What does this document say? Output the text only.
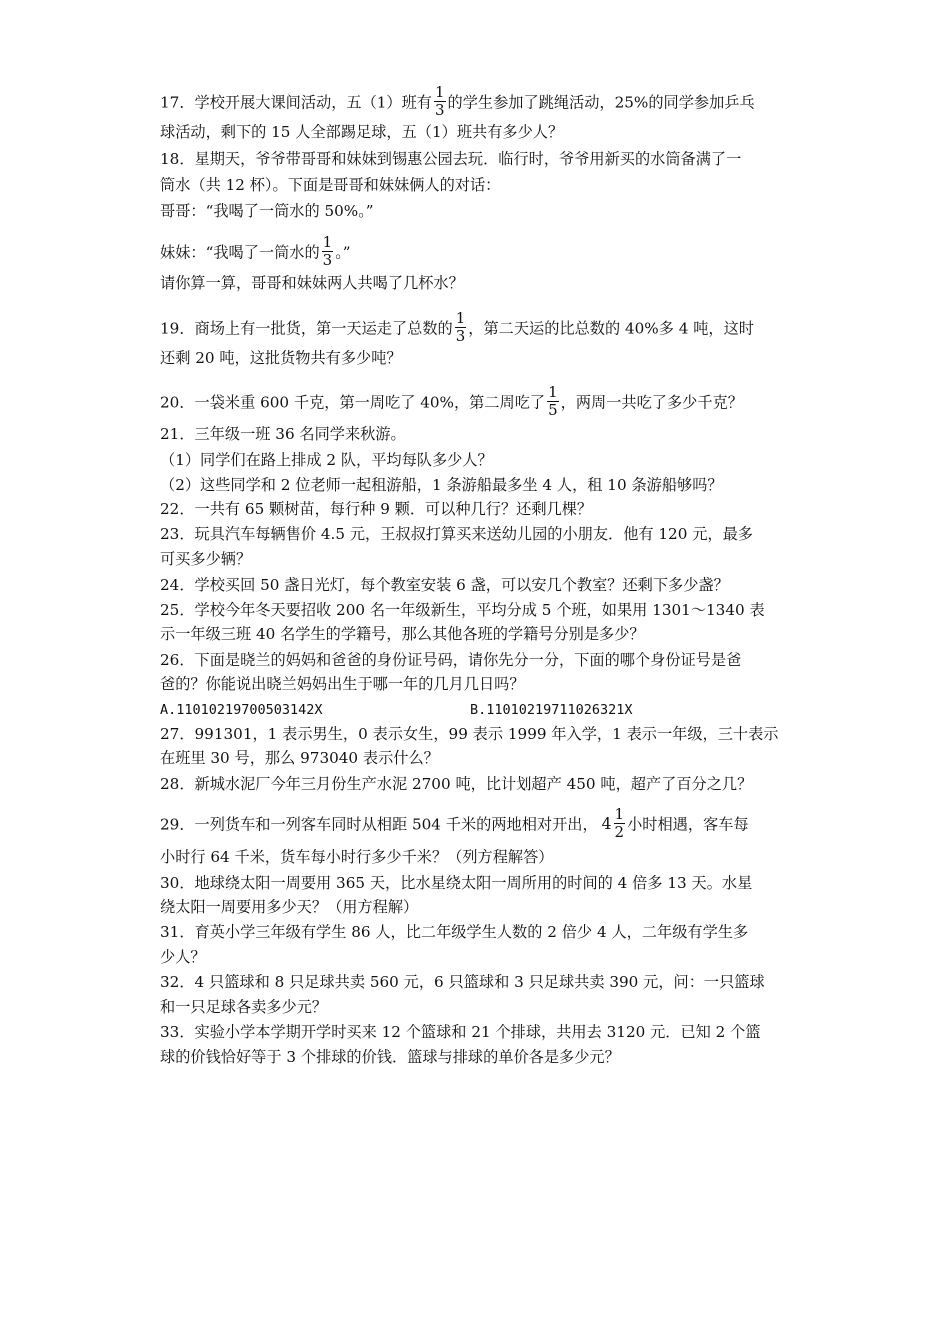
17．学校开展大课间活动，五（1）班有 $\frac{1}{3}$ 的学生参加了跳绳活动，25%的同学参加乒乓
球活动，剩下的 15 人全部踢足球，五（1）班共有多少人？
18．星期天，爷爷带哥哥和妹妹到锡惠公园去玩．临行时，爷爷用新买的水筒备满了一
筒水（共 12 杯）。下面是哥哥和妹妹俩人的对话：
哥哥：“我喝了一筒水的 50%。”
妹妹：“我喝了一筒水的 $\frac{1}{3}$ 。”
请你算一算，哥哥和妹妹两人共喝了几杯水？
19．商场上有一批货，第一天运走了总数的 $\frac{1}{3}$ ，第二天运的比总数的 40%多 4 吨，这时
还剩 20 吨，这批货物共有多少吨？
20．一袋米重 600 千克，第一周吃了 40%，第二周吃了 $\frac{1}{5}$ ，两周一共吃了多少千克？
21．三年级一班 36 名同学来秋游。
（1）同学们在路上排成 2 队，平均每队多少人？
（2）这些同学和 2 位老师一起租游船，1 条游船最多坐 4 人，租 10 条游船够吗？
22．一共有 65 颗树苗，每行种 9 颗．可以种几行？还剩几棵？
23．玩具汽车每辆售价 4.5 元，王叔叔打算买来送幼儿园的小朋友．他有 120 元，最多
可买多少辆？
24．学校买回 50 盏日光灯，每个教室安装 6 盏，可以安几个教室？还剩下多少盏？
25．学校今年冬天要招收 200 名一年级新生，平均分成 5 个班，如果用 1301～1340 表
示一年级三班 40 名学生的学籍号，那么其他各班的学籍号分别是多少？
26．下面是晓兰的妈妈和爸爸的身份证号码，请你先分一分，下面的哪个身份证号是爸
爸的？你能说出晓兰妈妈出生于哪一年的几月几日吗？
A.11010219700503142X	B.11010219711026321X
27．991301，1 表示男生，0 表示女生，99 表示 1999 年入学，1 表示一年级，三十表示
在班里 30 号，那么 973040 表示什么？
28．新城水泥厂今年三月份生产水泥 2700 吨，比计划超产 450 吨，超产了百分之几？
29．一列货车和一列客车同时从相距 504 千米的两地相对开出， $4 \frac{1}{2}$ 小时相遇，客车每
小时行 64 千米，货车每小时行多少千米？（列方程解答）
30．地球绕太阳一周要用 365 天，比水星绕太阳一周所用的时间的 4 倍多 13 天。水星
绕太阳一周要用多少天？（用方程解）
31．育英小学三年级有学生 86 人，比二年级学生人数的 2 倍少 4 人，二年级有学生多
少人？
32．4 只篮球和 8 只足球共卖 560 元，6 只篮球和 3 只足球共卖 390 元，问：一只篮球
和一只足球各卖多少元？
33．实验小学本学期开学时买来 12 个篮球和 21 个排球，共用去 3120 元．已知 2 个篮
球的价钱恰好等于 3 个排球的价钱．篮球与排球的单价各是多少元？
